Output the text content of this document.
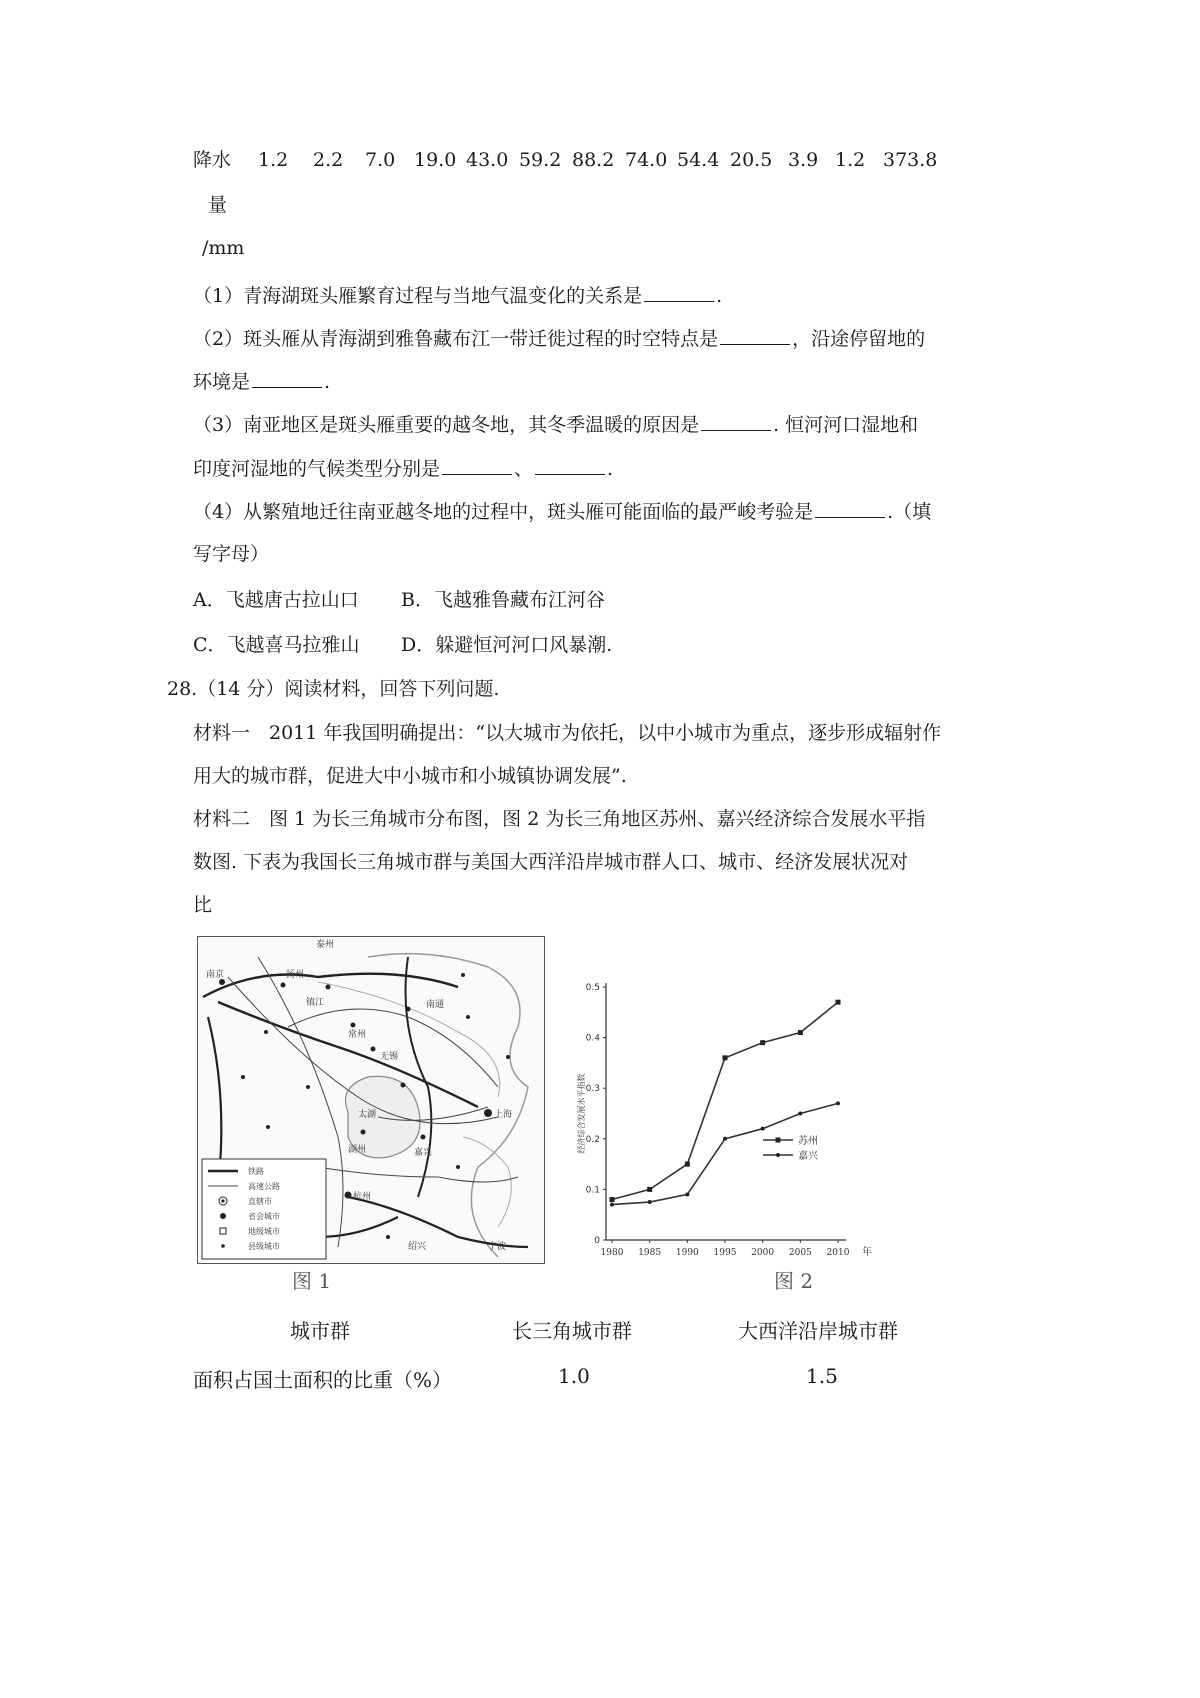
降水 1.2 2.2 7.0 19.0 43.0 59.2 88.2 74.0 54.4 20.5 3.9 1.2 373.8
量
/mm
（1）青海湖斑头雁繁育过程与当地气温变化的关系是	.
（2）斑头雁从青海湖到雅鲁藏布江一带迁徙过程的时空特点是	，沿途停留地的
环境是	.
（3）南亚地区是斑头雁重要的越冬地，其冬季温暖的原因是	. 恒河河口湿地和
印度河湿地的气候类型分别是	、	.
（4）从繁殖地迁往南亚越冬地的过程中，斑头雁可能面临的最严峻考验是	.（填
写字母）
A．飞越唐古拉山口 B．飞越雅鲁藏布江河谷
C．飞越喜马拉雅山 D．躲避恒河河口风暴潮.
28.（14 分）阅读材料，回答下列问题.
材料一　2011 年我国明确提出：“以大城市为依托，以中小城市为重点，逐步形成辐射作
用大的城市群，促进大中小城市和小城镇协调发展”.
材料二　图 1 为长三角城市分布图，图 2 为长三角地区苏州、嘉兴经济综合发展水平指
数图. 下表为我国长三角城市群与美国大西洋沿岸城市群人口、城市、经济发展状况对
比
泰州
扬州
南京
镇江	南通
常州
无锡
太湖	上海
湖州	嘉兴
杭州
绍兴	宁波
铁路
高速公路
直辖市
省会城市
地级城市
县级城市
图 1
0
0.1
0.2
0.3
0.4
0.5
1980 1985 1990 1995 2000 2005 2010 年
经济综合发展水平指数	苏州
嘉兴
图 2
城市群	长三角城市群	大西洋沿岸城市群
面积占国土面积的比重（%）	1.0	1.5
